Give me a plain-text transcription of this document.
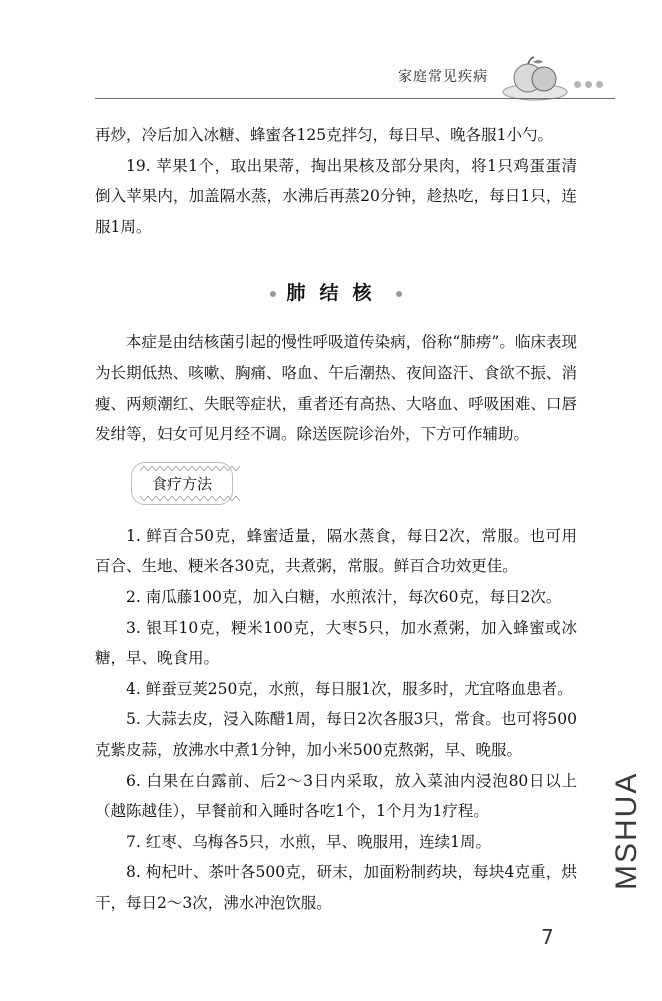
家庭常见疾病

再炒，冷后加入冰糖、蜂蜜各125克拌匀，每日早、晚各服1小勺。

19. 苹果1个，取出果蒂，掏出果核及部分果肉，将1只鸡蛋蛋清倒入苹果内，加盖隔水蒸，水沸后再蒸20分钟，趁热吃，每日1只，连服1周。

肺结核

本症是由结核菌引起的慢性呼吸道传染病，俗称“肺痨”。临床表现为长期低热、咳嗽、胸痛、咯血、午后潮热、夜间盗汗、食欲不振、消瘦、两颊潮红、失眠等症状，重者还有高热、大咯血、呼吸困难、口唇发绀等，妇女可见月经不调。除送医院诊治外，下方可作辅助。

食疗方法

1. 鲜百合50克，蜂蜜适量，隔水蒸食，每日2次，常服。也可用百合、生地、粳米各30克，共煮粥，常服。鲜百合功效更佳。

2. 南瓜藤100克，加入白糖，水煎浓汁，每次60克，每日2次。

3. 银耳10克，粳米100克，大枣5只，加水煮粥，加入蜂蜜或冰糖，早、晚食用。

4. 鲜蚕豆荚250克，水煎，每日服1次，服多时，尤宜咯血患者。

5. 大蒜去皮，浸入陈醋1周，每日2次各服3只，常食。也可将500克紫皮蒜，放沸水中煮1分钟，加小米500克熬粥，早、晚服。

6. 白果在白露前、后2～3日内采取，放入菜油内浸泡80日以上（越陈越佳），早餐前和入睡时各吃1个，1个月为1疗程。

7. 红枣、乌梅各5只，水煎，早、晚服用，连续1周。

8. 枸杞叶、茶叶各500克，研末，加面粉制药块，每块4克重，烘干，每日2～3次，沸水冲泡饮服。

7
MSHUA
